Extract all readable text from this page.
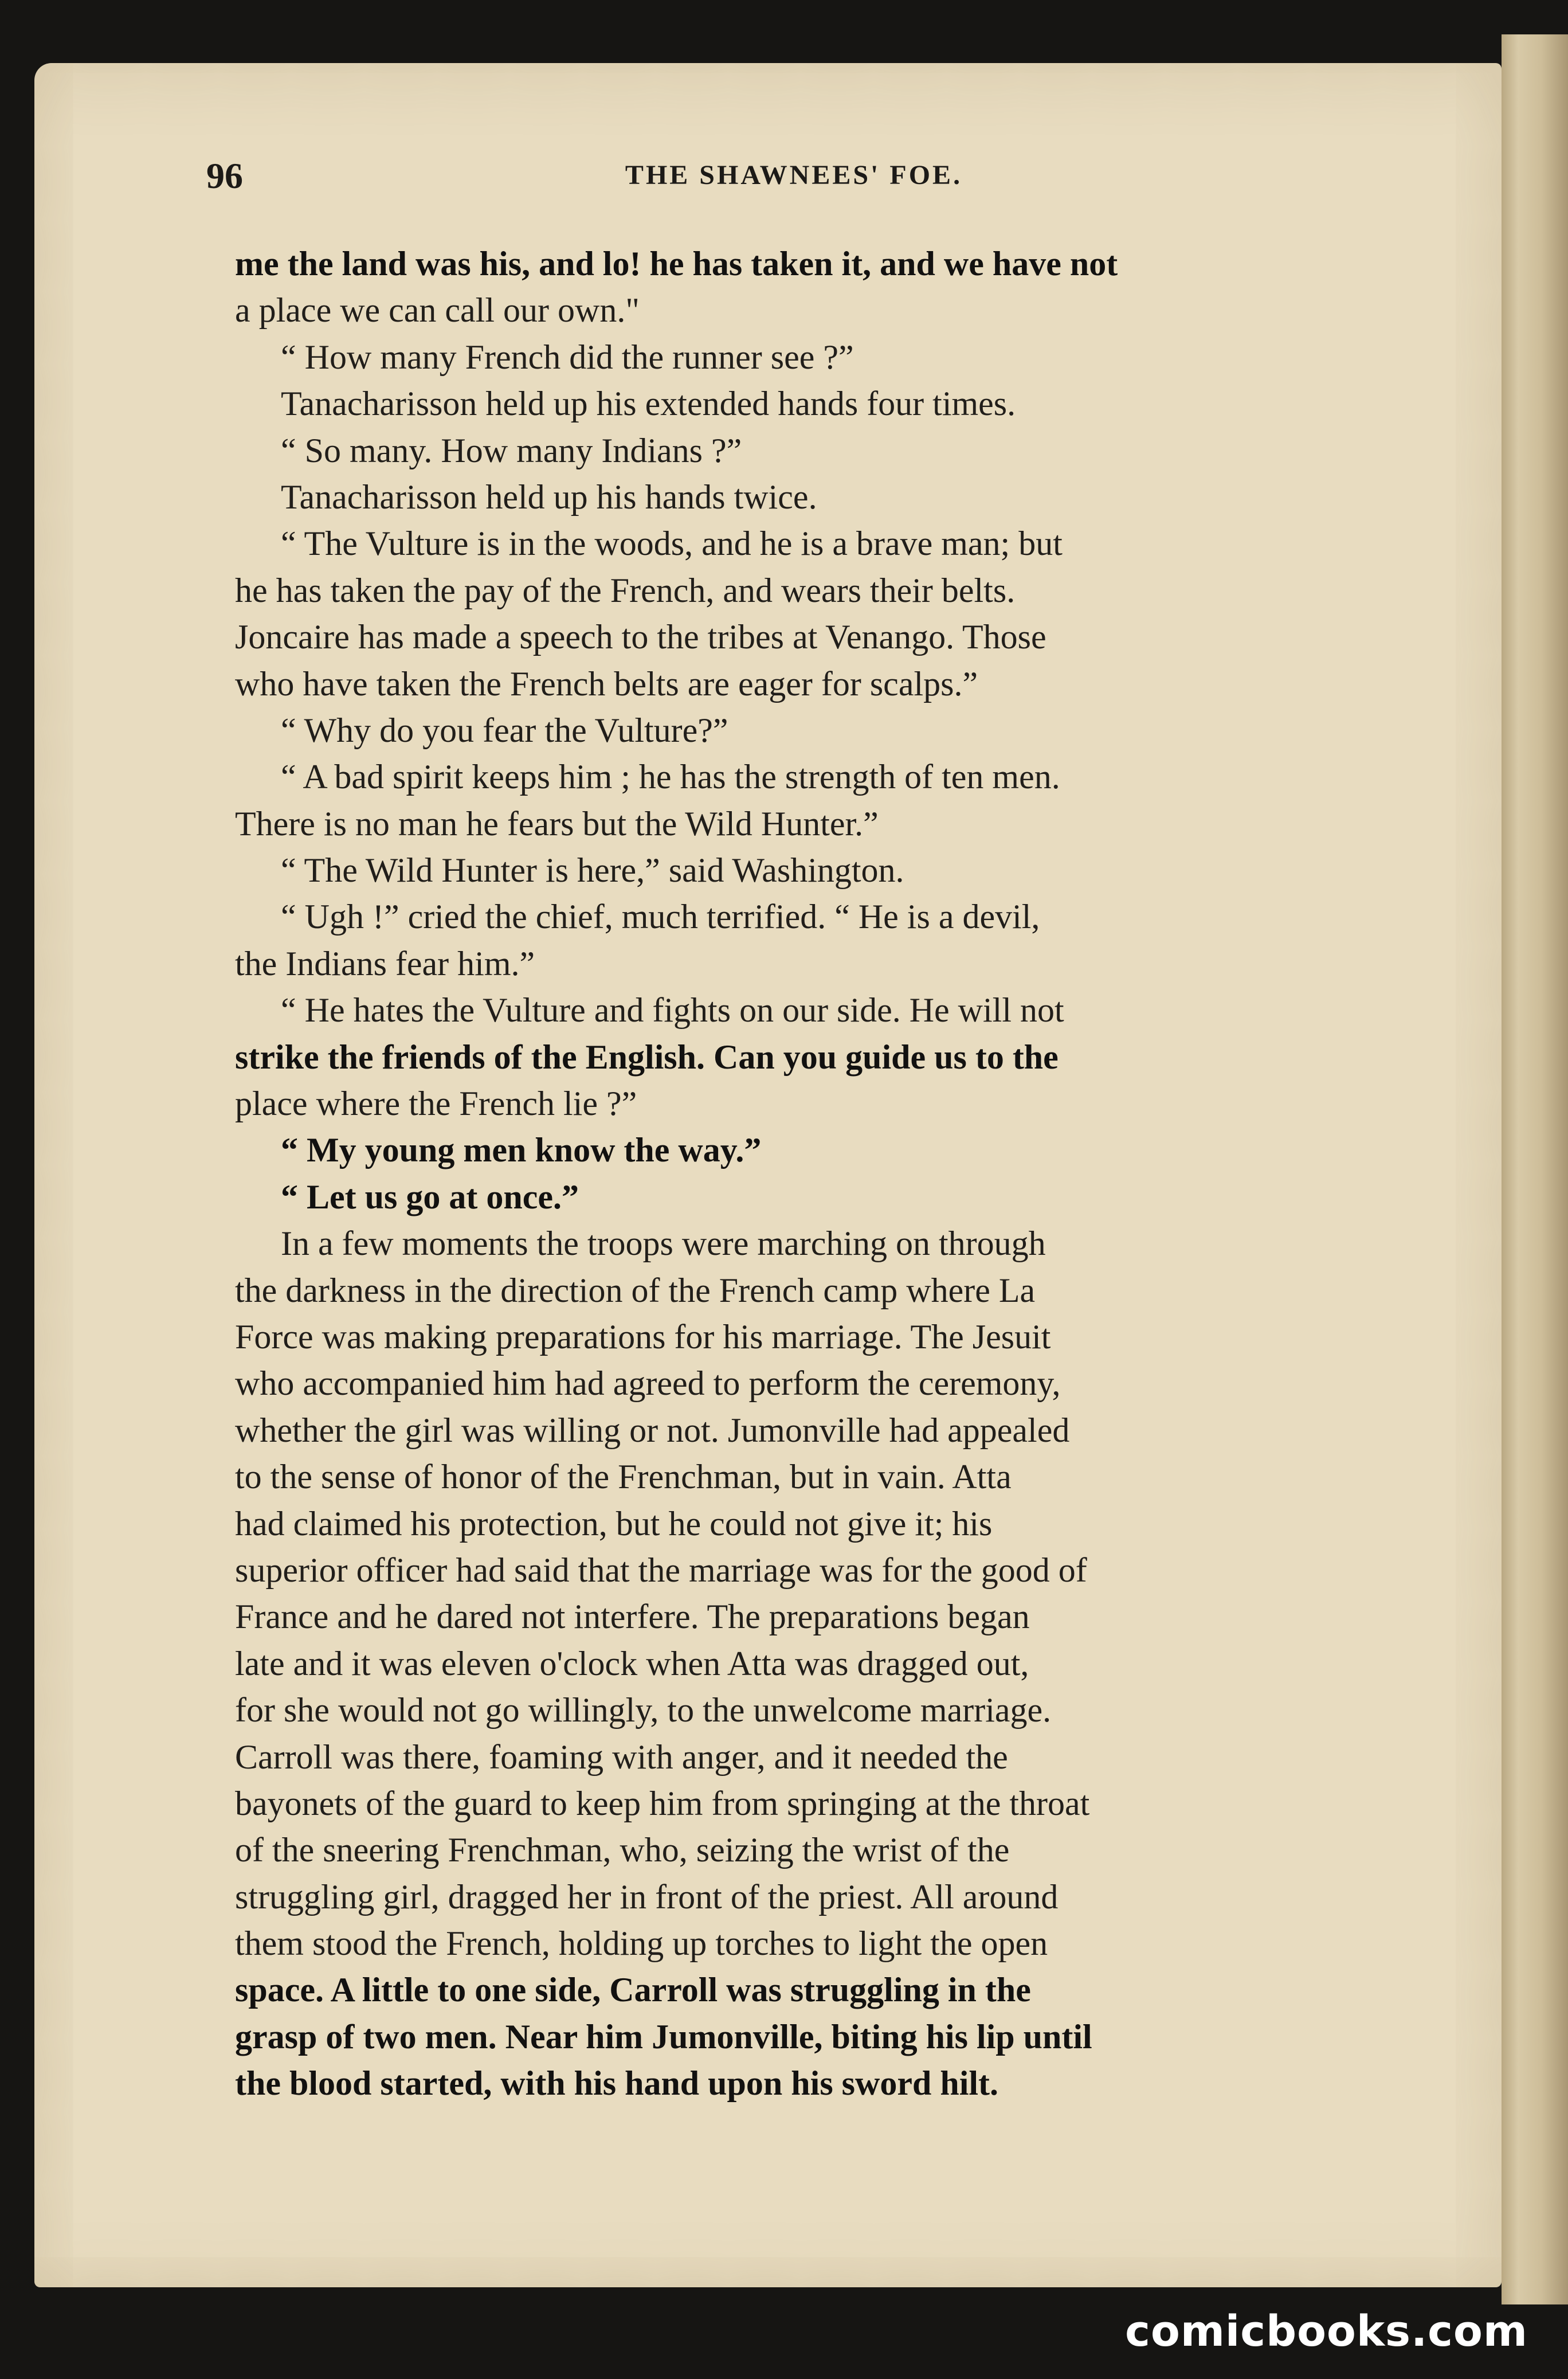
96	THE SHAWNEES' FOE.
me the land was his, and lo! he has taken it, and we have not
a place we can call our own."
“ How many French did the runner see ?”
Tanacharisson held up his extended hands four times.
“ So many. How many Indians ?”
Tanacharisson held up his hands twice.
“ The Vulture is in the woods, and he is a brave man; but
he has taken the pay of the French, and wears their belts.
Joncaire has made a speech to the tribes at Venango. Those
who have taken the French belts are eager for scalps.”
“ Why do you fear the Vulture?”
“ A bad spirit keeps him ; he has the strength of ten men.
There is no man he fears but the Wild Hunter.”
“ The Wild Hunter is here,” said Washington.
“ Ugh !” cried the chief, much terrified. “ He is a devil,
the Indians fear him.”
“ He hates the Vulture and fights on our side. He will not
strike the friends of the English. Can you guide us to the
place where the French lie ?”
“ My young men know the way.”
“ Let us go at once.”
In a few moments the troops were marching on through
the darkness in the direction of the French camp where La
Force was making preparations for his marriage. The Jesuit
who accompanied him had agreed to perform the ceremony,
whether the girl was willing or not. Jumonville had appealed
to the sense of honor of the Frenchman, but in vain. Atta
had claimed his protection, but he could not give it; his
superior officer had said that the marriage was for the good of
France and he dared not interfere. The preparations began
late and it was eleven o'clock when Atta was dragged out,
for she would not go willingly, to the unwelcome marriage.
Carroll was there, foaming with anger, and it needed the
bayonets of the guard to keep him from springing at the throat
of the sneering Frenchman, who, seizing the wrist of the
struggling girl, dragged her in front of the priest. All around
them stood the French, holding up torches to light the open
space. A little to one side, Carroll was struggling in the
grasp of two men. Near him Jumonville, biting his lip until
the blood started, with his hand upon his sword hilt.
comicbooks.com
